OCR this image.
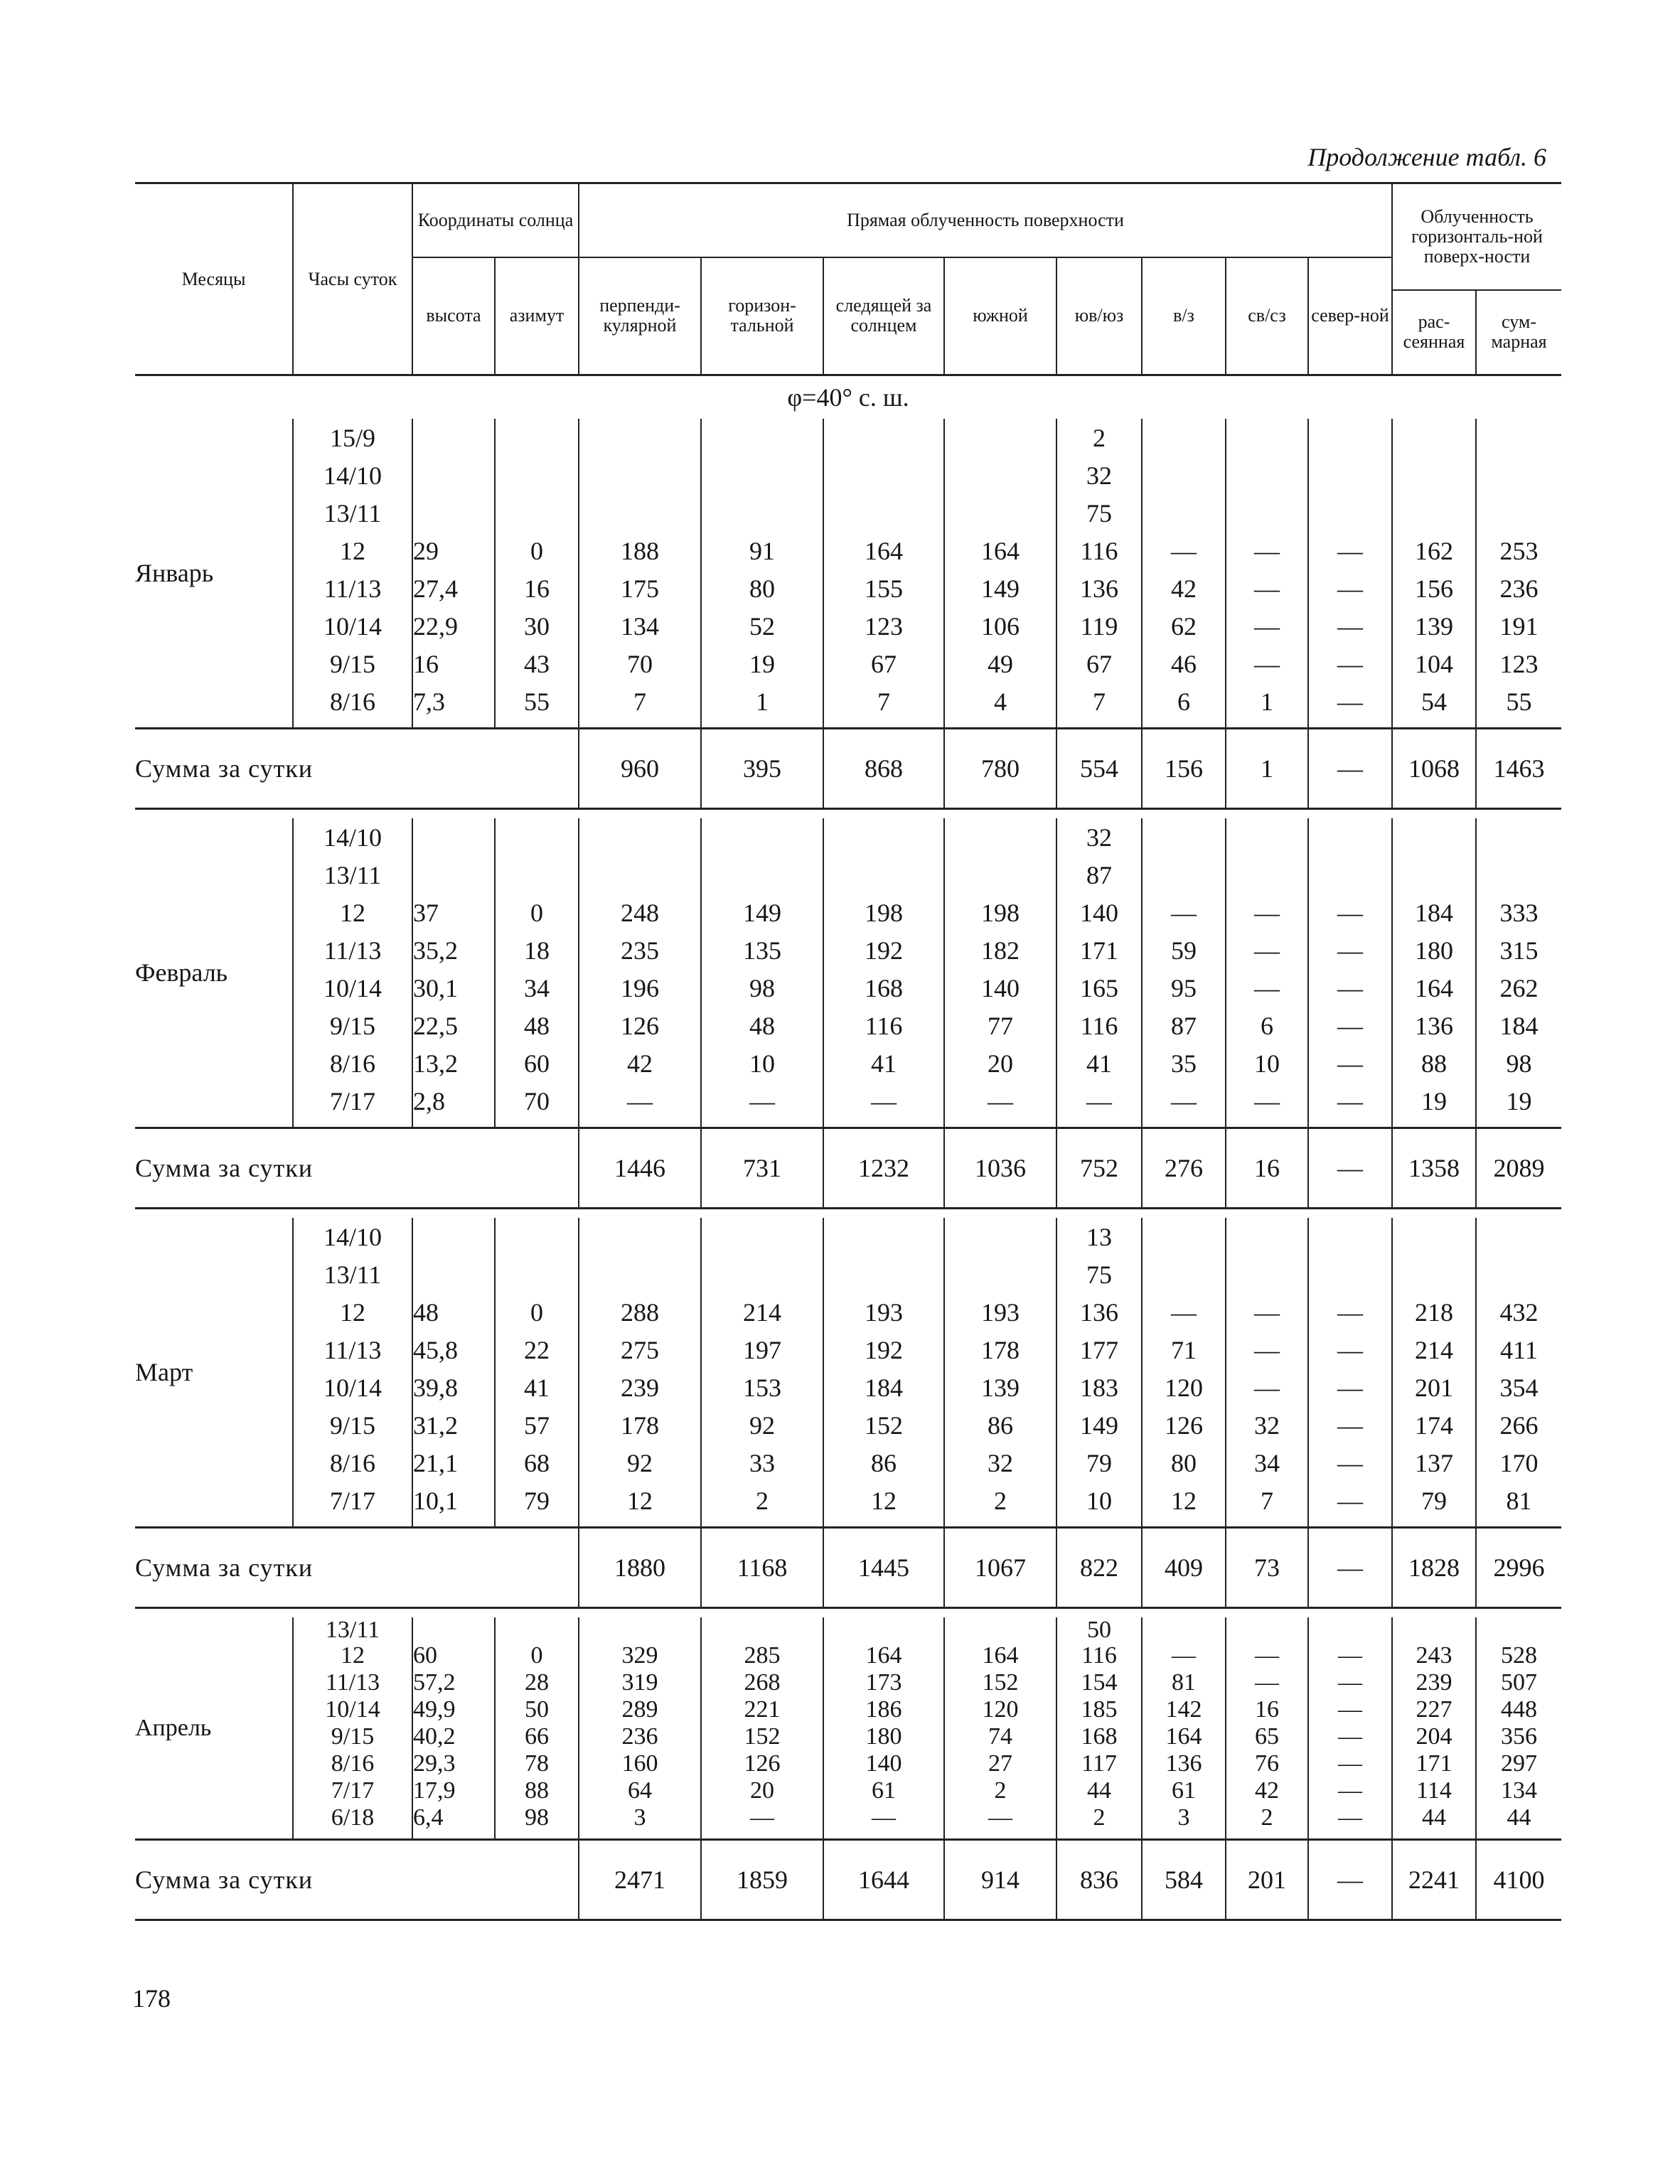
Продолжение табл. 6
Месяцы	Часы суток	Координаты солнца		Прямая облученность поверхности								Облученность горизонталь-ной поверх-ности	
		высота	азимут	перпенди-кулярной	горизон-тальной	следящей за солнцем	южной	юв/юз	в/з	св/сз	север-ной		
												рас-сеянная	сум-марная
φ=40° с. ш.													
Январь	15/9							2					
	14/10							32					
	13/11							75					
	12	29	0	188	91	164	164	116	—	—	—	162	253
	11/13	27,4	16	175	80	155	149	136	42	—	—	156	236
	10/14	22,9	30	134	52	123	106	119	62	—	—	139	191
	9/15	16	43	70	19	67	49	67	46	—	—	104	123
	8/16	7,3	55	7	1	7	4	7	6	1	—	54	55
Сумма за сутки				960	395	868	780	554	156	1	—	1068	1463

Февраль	14/10							32					
	13/11							87					
	12	37	0	248	149	198	198	140	—	—	—	184	333
	11/13	35,2	18	235	135	192	182	171	59	—	—	180	315
	10/14	30,1	34	196	98	168	140	165	95	—	—	164	262
	9/15	22,5	48	126	48	116	77	116	87	6	—	136	184
	8/16	13,2	60	42	10	41	20	41	35	10	—	88	98
	7/17	2,8	70	—	—	—	—	—	—	—	—	19	19
Сумма за сутки				1446	731	1232	1036	752	276	16	—	1358	2089

Март	14/10							13					
	13/11							75					
	12	48	0	288	214	193	193	136	—	—	—	218	432
	11/13	45,8	22	275	197	192	178	177	71	—	—	214	411
	10/14	39,8	41	239	153	184	139	183	120	—	—	201	354
	9/15	31,2	57	178	92	152	86	149	126	32	—	174	266
	8/16	21,1	68	92	33	86	32	79	80	34	—	137	170
	7/17	10,1	79	12	2	12	2	10	12	7	—	79	81
Сумма за сутки				1880	1168	1445	1067	822	409	73	—	1828	2996

Апрель	13/11							50					
	12	60	0	329	285	164	164	116	—	—	—	243	528
	11/13	57,2	28	319	268	173	152	154	81	—	—	239	507
	10/14	49,9	50	289	221	186	120	185	142	16	—	227	448
	9/15	40,2	66	236	152	180	74	168	164	65	—	204	356
	8/16	29,3	78	160	126	140	27	117	136	76	—	171	297
	7/17	17,9	88	64	20	61	2	44	61	42	—	114	134
	6/18	6,4	98	3	—	—	—	2	3	2	—	44	44
Сумма за сутки				2471	1859	1644	914	836	584	201	—	2241	4100
178
